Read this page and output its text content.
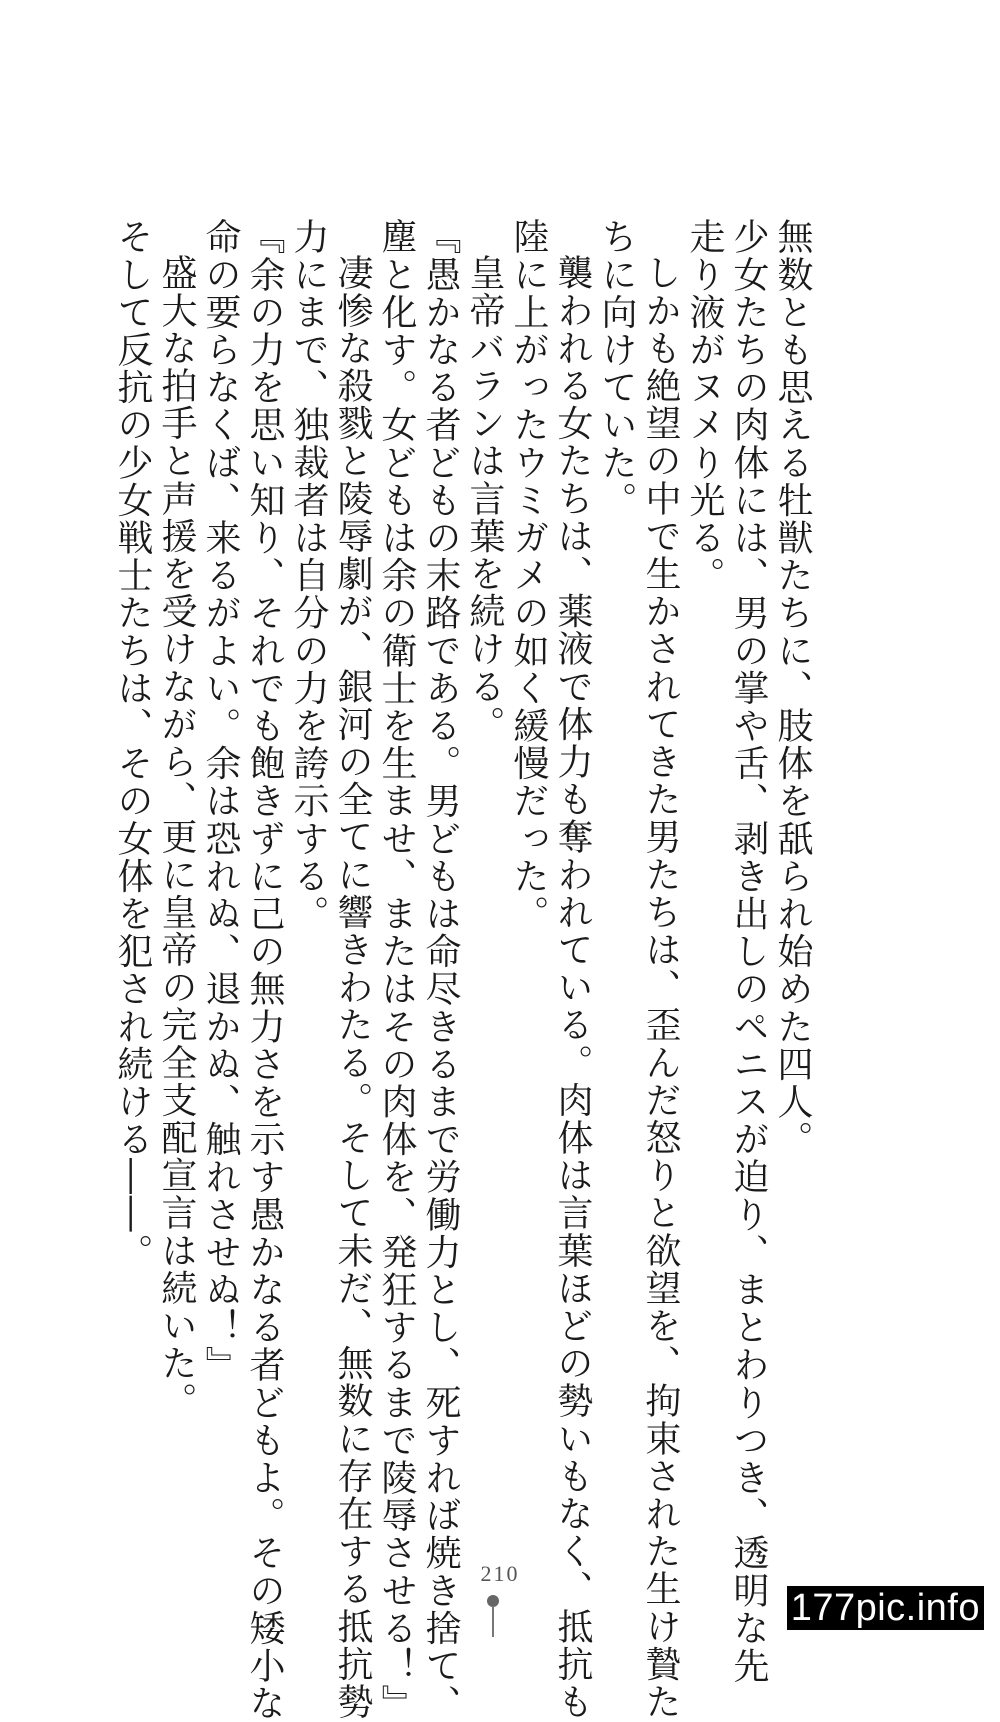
無数とも思える牡獣たちに、肢体を舐られ始めた四人。

少女たちの肉体には、男の掌や舌、剥き出しのペニスが迫り、まとわりつき、透明な先

走り液がヌメり光る。

しかも絶望の中で生かされてきた男たちは、歪んだ怒りと欲望を、拘束された生け贄た

ちに向けていた。

襲われる女たちは、薬液で体力も奪われている。肉体は言葉ほどの勢いもなく、抵抗も

陸に上がったウミガメの如く緩慢だった。

皇帝バランは言葉を続ける。

『愚かなる者どもの末路である。男どもは命尽きるまで労働力とし、死すれば焼き捨て、

塵と化す。女どもは余の衛士を生ませ、またはその肉体を、発狂するまで陵辱させる！』

凄惨な殺戮と陵辱劇が、銀河の全てに響きわたる。そして未だ、無数に存在する抵抗勢

力にまで、独裁者は自分の力を誇示する。

『余の力を思い知り、それでも飽きずに己の無力さを示す愚かなる者どもよ。その矮小な

命の要らなくば、来るがよい。余は恐れぬ、退かぬ、触れさせぬ！』

盛大な拍手と声援を受けながら、更に皇帝の完全支配宣言は続いた。

そして反抗の少女戦士たちは、その女体を犯され続ける――。

210
177pic.info
